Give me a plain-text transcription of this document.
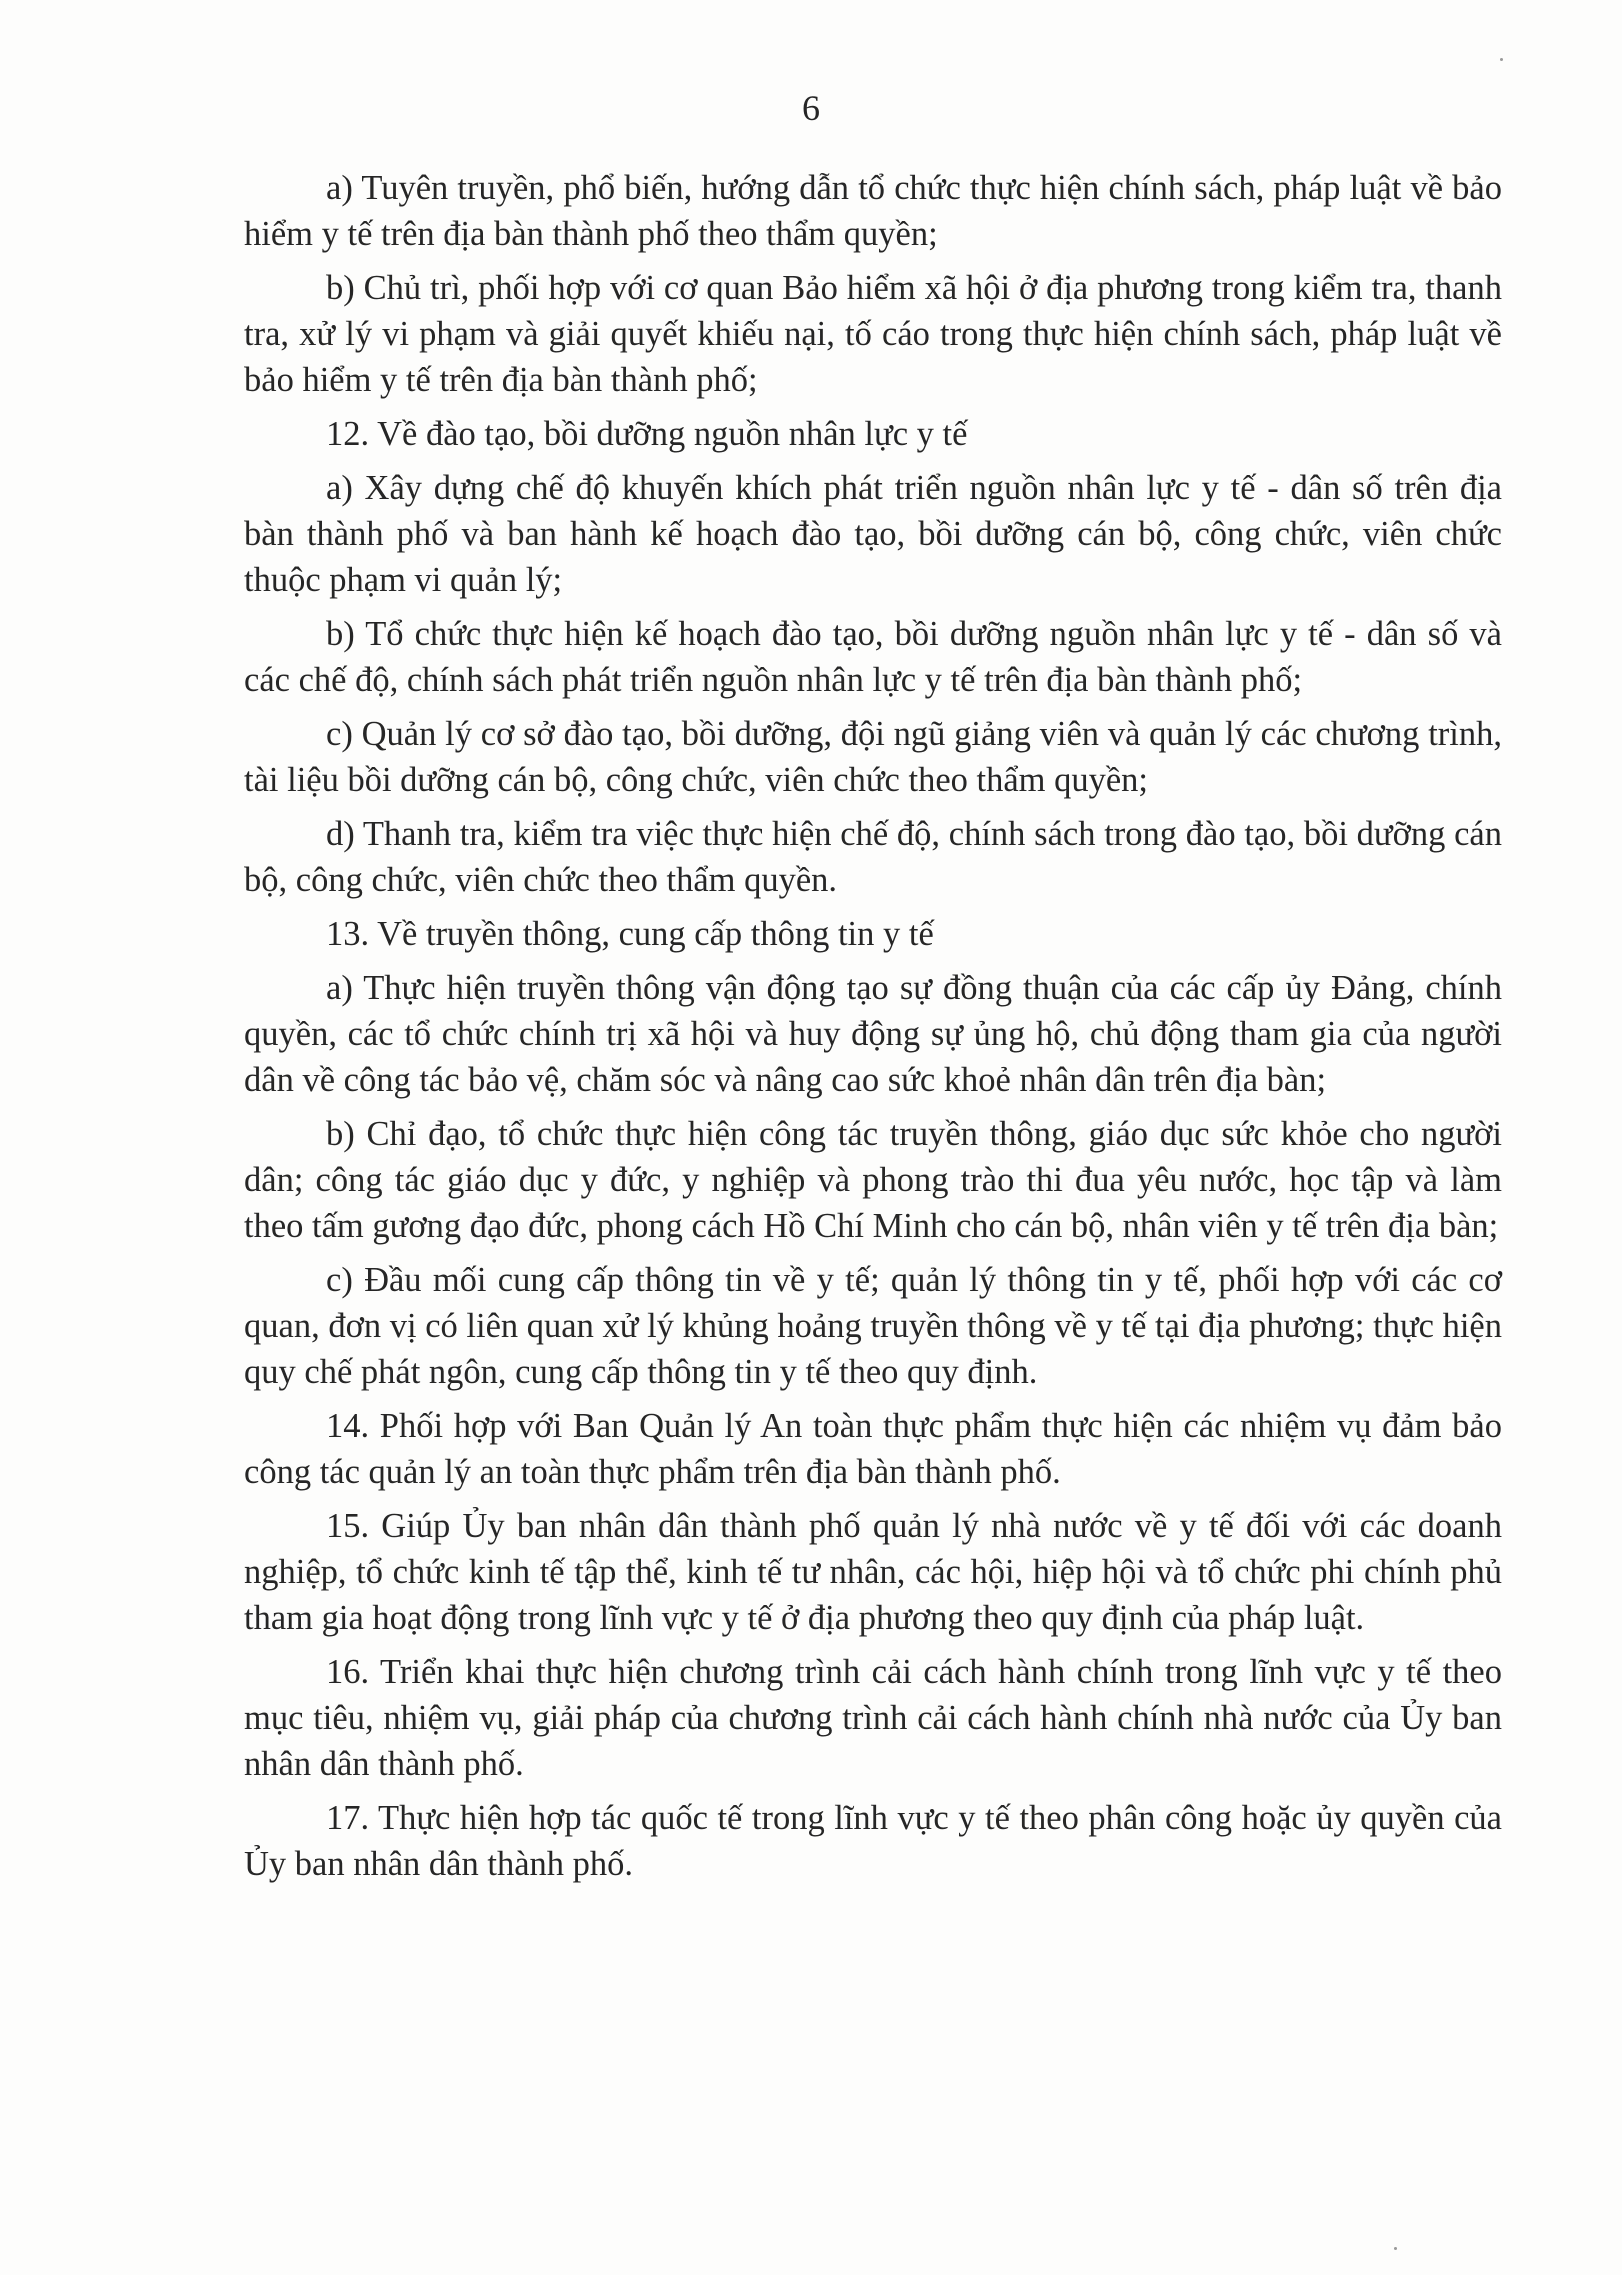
6

a) Tuyên truyền, phổ biến, hướng dẫn tổ chức thực hiện chính sách, pháp luật về bảo hiểm y tế trên địa bàn thành phố theo thẩm quyền;

b) Chủ trì, phối hợp với cơ quan Bảo hiểm xã hội ở địa phương trong kiểm tra, thanh tra, xử lý vi phạm và giải quyết khiếu nại, tố cáo trong thực hiện chính sách, pháp luật về bảo hiểm y tế trên địa bàn thành phố;

12. Về đào tạo, bồi dưỡng nguồn nhân lực y tế

a) Xây dựng chế độ khuyến khích phát triển nguồn nhân lực y tế - dân số trên địa bàn thành phố và ban hành kế hoạch đào tạo, bồi dưỡng cán bộ, công chức, viên chức thuộc phạm vi quản lý;

b) Tổ chức thực hiện kế hoạch đào tạo, bồi dưỡng nguồn nhân lực y tế - dân số và các chế độ, chính sách phát triển nguồn nhân lực y tế trên địa bàn thành phố;

c) Quản lý cơ sở đào tạo, bồi dưỡng, đội ngũ giảng viên và quản lý các chương trình, tài liệu bồi dưỡng cán bộ, công chức, viên chức theo thẩm quyền;

d) Thanh tra, kiểm tra việc thực hiện chế độ, chính sách trong đào tạo, bồi dưỡng cán bộ, công chức, viên chức theo thẩm quyền.

13. Về truyền thông, cung cấp thông tin y tế

a) Thực hiện truyền thông vận động tạo sự đồng thuận của các cấp ủy Đảng, chính quyền, các tổ chức chính trị xã hội và huy động sự ủng hộ, chủ động tham gia của người dân về công tác bảo vệ, chăm sóc và nâng cao sức khoẻ nhân dân trên địa bàn;

b) Chỉ đạo, tổ chức thực hiện công tác truyền thông, giáo dục sức khỏe cho người dân; công tác giáo dục y đức, y nghiệp và phong trào thi đua yêu nước, học tập và làm theo tấm gương đạo đức, phong cách Hồ Chí Minh cho cán bộ, nhân viên y tế trên địa bàn;

c) Đầu mối cung cấp thông tin về y tế; quản lý thông tin y tế, phối hợp với các cơ quan, đơn vị có liên quan xử lý khủng hoảng truyền thông về y tế tại địa phương; thực hiện quy chế phát ngôn, cung cấp thông tin y tế theo quy định.

14. Phối hợp với Ban Quản lý An toàn thực phẩm thực hiện các nhiệm vụ đảm bảo công tác quản lý an toàn thực phẩm trên địa bàn thành phố.

15. Giúp Ủy ban nhân dân thành phố quản lý nhà nước về y tế đối với các doanh nghiệp, tổ chức kinh tế tập thể, kinh tế tư nhân, các hội, hiệp hội và tổ chức phi chính phủ tham gia hoạt động trong lĩnh vực y tế ở địa phương theo quy định của pháp luật.

16. Triển khai thực hiện chương trình cải cách hành chính trong lĩnh vực y tế theo mục tiêu, nhiệm vụ, giải pháp của chương trình cải cách hành chính nhà nước của Ủy ban nhân dân thành phố.

17. Thực hiện hợp tác quốc tế trong lĩnh vực y tế theo phân công hoặc ủy quyền của Ủy ban nhân dân thành phố.
